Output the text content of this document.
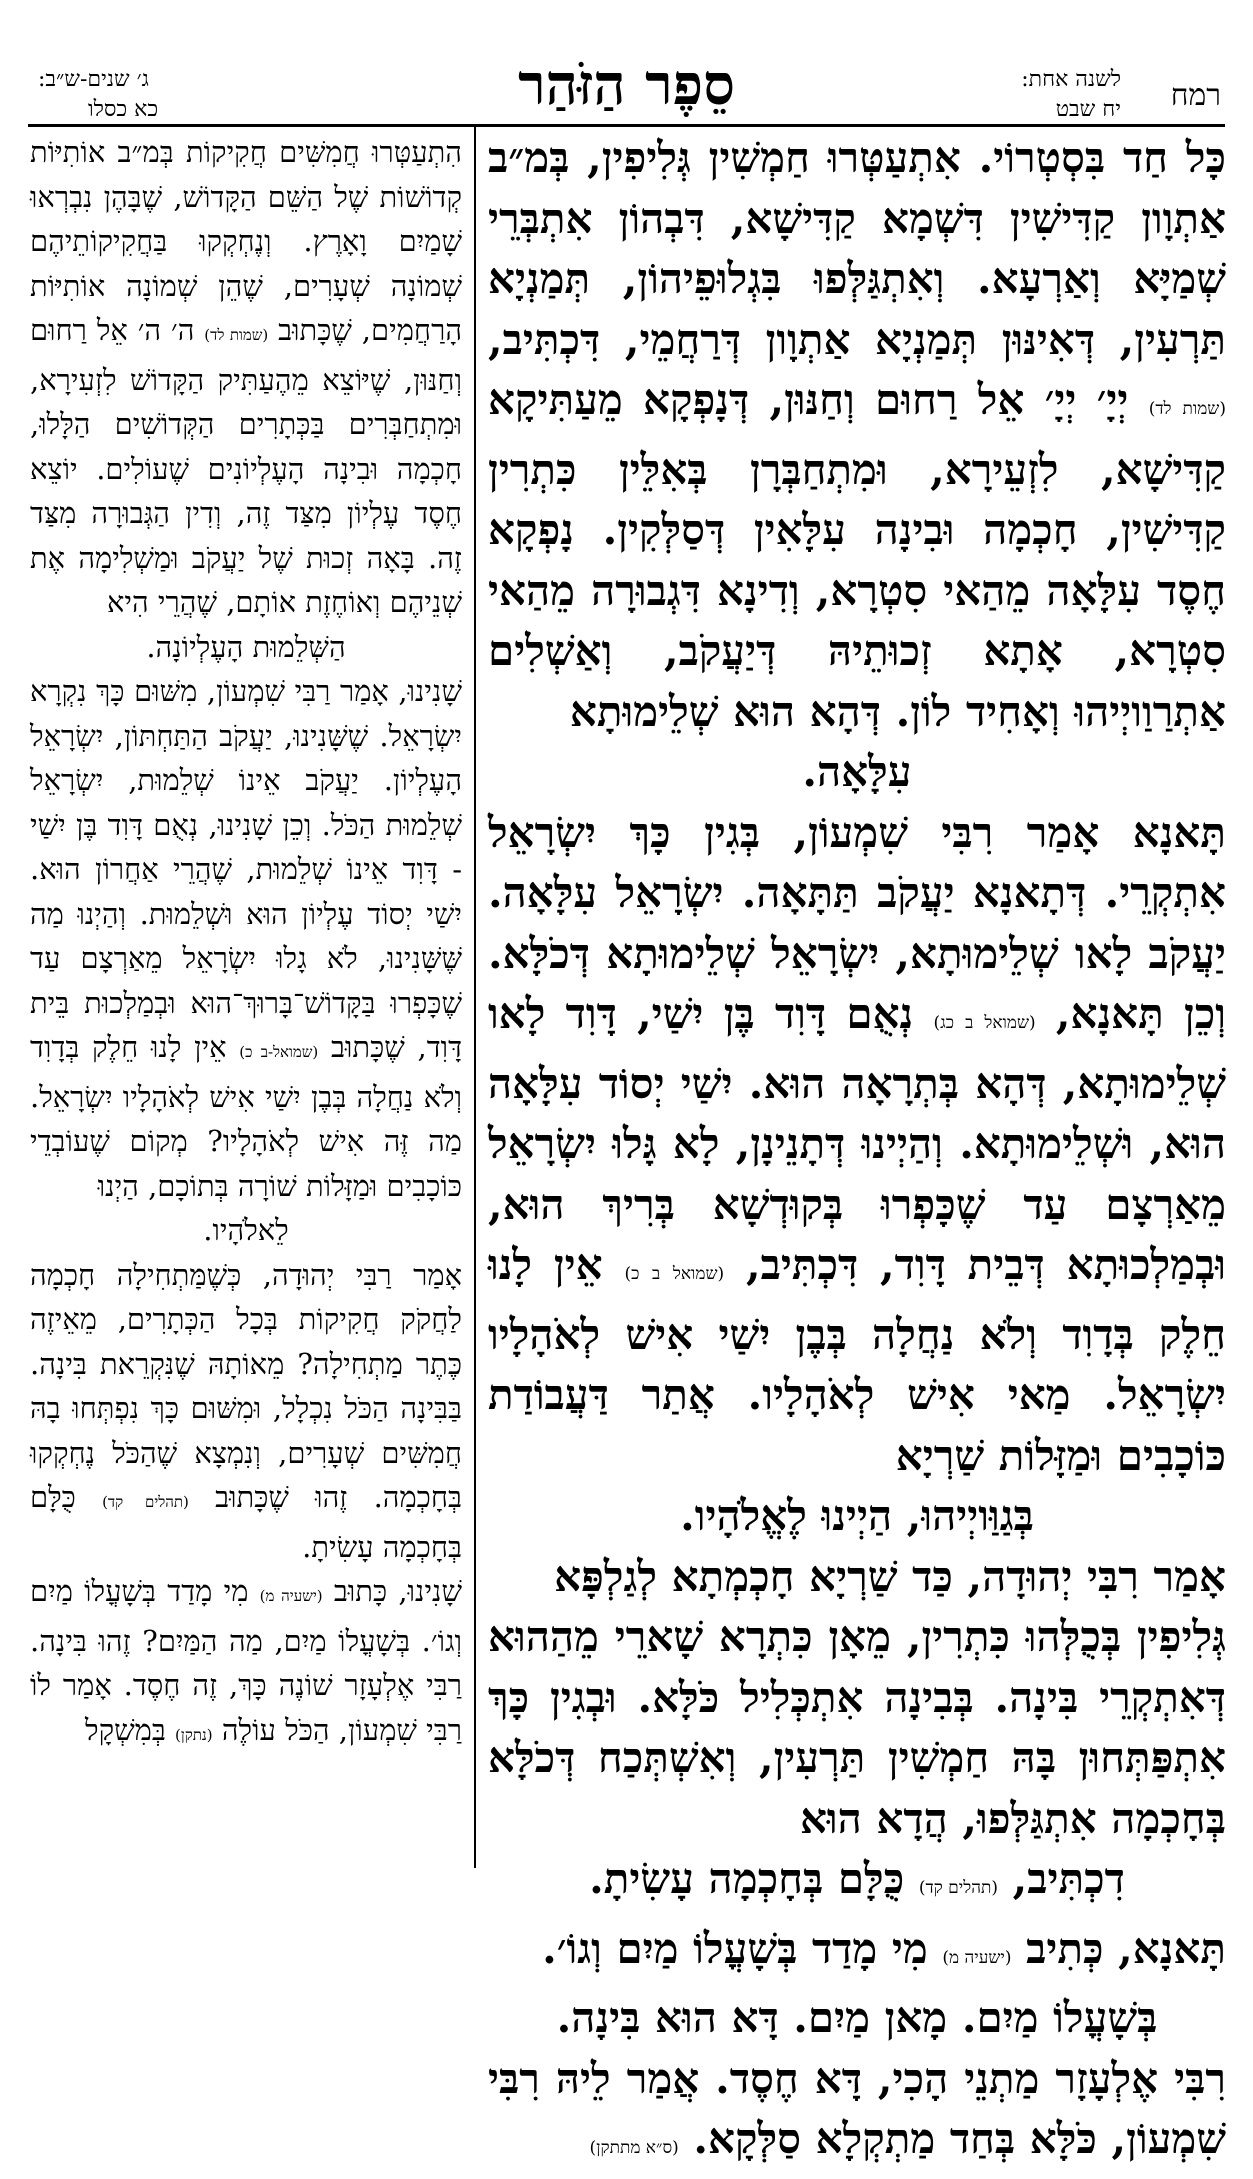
רמח
לשנה אחת:
יח שבט
סֵפֶר הַזֹּהַר
ג׳ שנים-ש״ב:
כא כסלו

כָּל חַד בִּסְטְרוֹי. אִתְעַטְּרוּ חַמְשִׁין גְּלִיפִין, בְּמ״ב אַתְוָון קַדִּישִׁין דִּשְׁמָא קַדִּישָׁא, דִּבְהוֹן אִתְבְּרֵי שְׁמַיָּא וְאַרְעָא. וְאִתְגַּלְּפוּ בִּגְלוּפֵיהוֹן, תְּמַנְיָא תַּרְעִין, דְּאִינּוּן תְּמַנְיָא אַתְוָון דְּרַחֲמֵי, דִּכְתִּיב, (שמות לד) יְיָ׳ יְיָ׳ אֵל רַחוּם וְחַנּוּן, דְּנָפְקָא מֵעַתִּיקָא קַדִּישָׁא, לִזְעֵירָא, וּמִתְחַבְּרָן בְּאִלֵּין כִּתְרִין קַדִּישִׁין, חָכְמָה וּבִינָה עִלָּאִין דְּסַלְּקִין. נָפְקָא חֶסֶד עִלָּאָה מֵהַאי סִטְרָא, וְדִינָא דִּגְבוּרָה מֵהַאי סִטְרָא, אָתָא זְכוּתֵיהּ דְּיַעֲקֹב, וְאַשְׁלִים אַתְרַוַויְיהוּ וְאָחִיד לוֹן. דְּהָא הוּא שְׁלֵימוּתָא

עִלָּאָה.

תָּאנָא אָמַר רִבִּי שִׁמְעוֹן, בְּגִין כָּךְ יִשְׂרָאֵל אִתְקְרֵי. דְּתָאנָא יַעֲקֹב תַּתָּאָה. יִשְׂרָאֵל עִלָּאָה. יַעֲקֹב לָאו שְׁלֵימוּתָא, יִשְׂרָאֵל שְׁלֵימוּתָא דְּכֹלָּא. וְכֵן תָּאנָא, (שמואל ב כג) נְאֻם דָּוִד בֶּן יִשַׁי, דָּוִד לָאו שְׁלֵימוּתָא, דְּהָא בְּתְרָאָה הוּא. יִשַׁי יְסוֹד עִלָּאָה הוּא, וּשְׁלֵימוּתָא. וְהַיְינוּ דְּתָנֵינָן, לָא גָּלוּ יִשְׂרָאֵל מֵאַרְצָם עַד שֶׁכָּפְרוּ בְּקוּדְשָׁא בְּרִיךְ הוּא, וּבְמַלְכוּתָא דְּבֵית דָּוִד, דִּכְתִּיב, (שמואל ב כ) אֵין לָנוּ חֵלֶק בְּדָוִד וְלֹא נַחֲלָה בְּבֶן יִשַׁי אִישׁ לְאֹהָלָיו יִשְׂרָאֵל. מַאי אִישׁ לְאֹהָלָיו. אֲתַר דַּעֲבוֹדַת כּוֹכָבִים וּמַזָּלוֹת שַׁרְיָא

בְּגַוַּויְיהוּ, הַיְינוּ לֶאֱלֹהָיו.

אָמַר רִבִּי יְהוּדָה, כַּד שַׁרְיָא חָכְמְתָא לְגַלְפָּא

גְּלִיפִין בְּכֻלְּהוּ כִּתְרִין, מֵאָן כִּתְרָא שָׁארֵי מֵהַהוּא דְּאִתְקְרֵי בִּינָה. בְּבִינָה אִתְכְּלִיל כֹּלָּא. וּבְגִין כָּךְ אִתְפַּתְּחוּן בָּהּ חַמְשִׁין תַּרְעִין, וְאִשְׁתְּכַח דְּכֹלָּא בְּחָכְמָה אִתְגַּלְּפוּ, הֲדָא הוּא

דִכְתִּיב, (תהלים קד) כֻּלָּם בְּחָכְמָה עָשִׂיתָ.

תָּאנָא, כְּתִיב (ישעיה מ) מִי מָדַד בְּשָׁעֳלוֹ מַיִם וְגוֹ׳.

בְּשָׁעֳלוֹ מַיִם. מָאן מַיִם. דָּא הוּא בִּינָה.

רִבִּי אֶלְעָזָר מַתְנֵי הָכִי, דָּא חֶסֶד. אֲמַר לֵיהּ רִבִּי שִׁמְעוֹן, כֹּלָּא בְּחַד מַתְקְלָא סַלְּקָא. (ס״א מתתקן)

הִתְעַטְּרוּ חֲמִשִּׁים חֲקִיקוֹת בְּמ״ב אוֹתִיּוֹת קְדוֹשׁוֹת שֶׁל הַשֵּׁם הַקָּדוֹשׁ, שֶׁבָּהֶן נִבְרְאוּ שָׁמַיִם וָאָרֶץ. וְנֶחְקְקוּ בַּחֲקִיקוֹתֵיהֶם שְׁמוֹנָה שְׁעָרִים, שֶׁהֵן שְׁמוֹנָה אוֹתִיּוֹת הָרַחֲמִים, שֶׁכָּתוּב (שמות לד) ה׳ ה׳ אֵל רַחוּם וְחַנּוּן, שֶׁיּוֹצֵא מֵהֶעַתִּיק הַקָּדוֹשׁ לִזְעִירָא, וּמִתְחַבְּרִים בַּכְּתָרִים הַקְּדוֹשִׁים הַלָּלוּ, חָכְמָה וּבִינָה הָעֶלְיוֹנִים שֶׁעוֹלִים. יוֹצֵא חֶסֶד עֶלְיוֹן מִצַּד זֶה, וְדִין הַגְּבוּרָה מִצַּד זֶה. בָּאָה זְכוּת שֶׁל יַעֲקֹב וּמַשְׁלִימָה אֶת שְׁנֵיהֶם וְאוֹחֶזֶת אוֹתָם, שֶׁהֲרֵי הִיא

הַשְּׁלֵמוּת הָעֶלְיוֹנָה.

שָׁנִינוּ, אָמַר רַבִּי שִׁמְעוֹן, מִשּׁוּם כָּךְ נִקְרָא יִשְׂרָאֵל. שֶׁשָּׁנִינוּ, יַעֲקֹב הַתַּחְתּוֹן, יִשְׂרָאֵל הָעֶלְיוֹן. יַעֲקֹב אֵינוֹ שְׁלֵמוּת, יִשְׂרָאֵל שְׁלֵמוּת הַכֹּל. וְכֵן שָׁנִינוּ, נְאֻם דָּוִד בֶּן יִשַׁי - דָּוִד אֵינוֹ שְׁלֵמוּת, שֶׁהֲרֵי אַחֲרוֹן הוּא. יִשַׁי יְסוֹד עֶלְיוֹן הוּא וּשְׁלֵמוּת. וְהַיְנוּ מַה שֶּׁשָּׁנִינוּ, לֹא גָלוּ יִשְׂרָאֵל מֵאַרְצָם עַד שֶׁכָּפְרוּ בַּקָּדוֹשׁ־בָּרוּךְ־הוּא וּבְמַלְכוּת בֵּית דָּוִד, שֶׁכָּתוּב (שמואל-ב כ) אֵין לָנוּ חֵלֶק בְּדָוִד וְלֹא נַחֲלָה בְּבֶן יִשַׁי אִישׁ לְאֹהָלָיו יִשְׂרָאֵל. מַה זֶּה אִישׁ לְאֹהָלָיו? מְקוֹם שֶׁעוֹבְדֵי כּוֹכָבִים וּמַזָּלוֹת שׁוֹרָה בְּתוֹכָם, הַיְנוּ

לֵאלֹהָיו.

אָמַר רַבִּי יְהוּדָה, כְּשֶׁמַּתְחִילָה חָכְמָה לַחֲקֹק חֲקִיקוֹת בְּכָל הַכְּתָרִים, מֵאֵיזֶה כֶּתֶר מַתְחִילָה? מֵאוֹתָהּ שֶׁנִּקְרֵאת בִּינָה. בַּבִּינָה הַכֹּל נִכְלָל, וּמִשּׁוּם כָּךְ נִפְתְּחוּ בָהּ חֲמִשִּׁים שְׁעָרִים, וְנִמְצָא שֶׁהַכֹּל נֶחְקְקוּ בְּחָכְמָה. זֶהוּ שֶׁכָּתוּב (תהלים קד) כֻּלָּם בְּחָכְמָה עָשִׂיתָ.

שָׁנִינוּ, כָּתוּב (ישעיה מ) מִי מָדַד בְּשָׁעֳלוֹ מַיִם וְגוֹ׳. בְּשָׁעֳלוֹ מַיִם, מַה הַמַּיִם? זֶהוּ בִּינָה. רַבִּי אֶלְעָזָר שׁוֹנֶה כָּךְ, זֶה חֶסֶד. אָמַר לוֹ רַבִּי שִׁמְעוֹן, הַכֹּל עוֹלֶה (נתקן) בְּמִשְׁקָל
